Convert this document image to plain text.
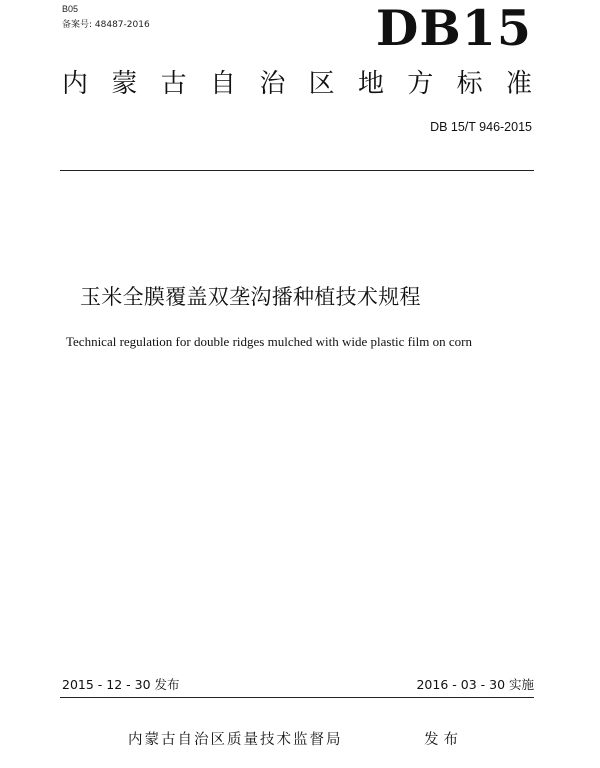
B05
备案号: 48487-2016	DB15
内 蒙 古 自 治 区 地 方 标 准
DB 15/T 946-2015
玉米全膜覆盖双垄沟播种植技术规程
Technical regulation for double ridges mulched with wide plastic film on corn
2015 - 12 - 30 发布	2016 - 03 - 30 实施
内蒙古自治区质量技术监督局	发布
